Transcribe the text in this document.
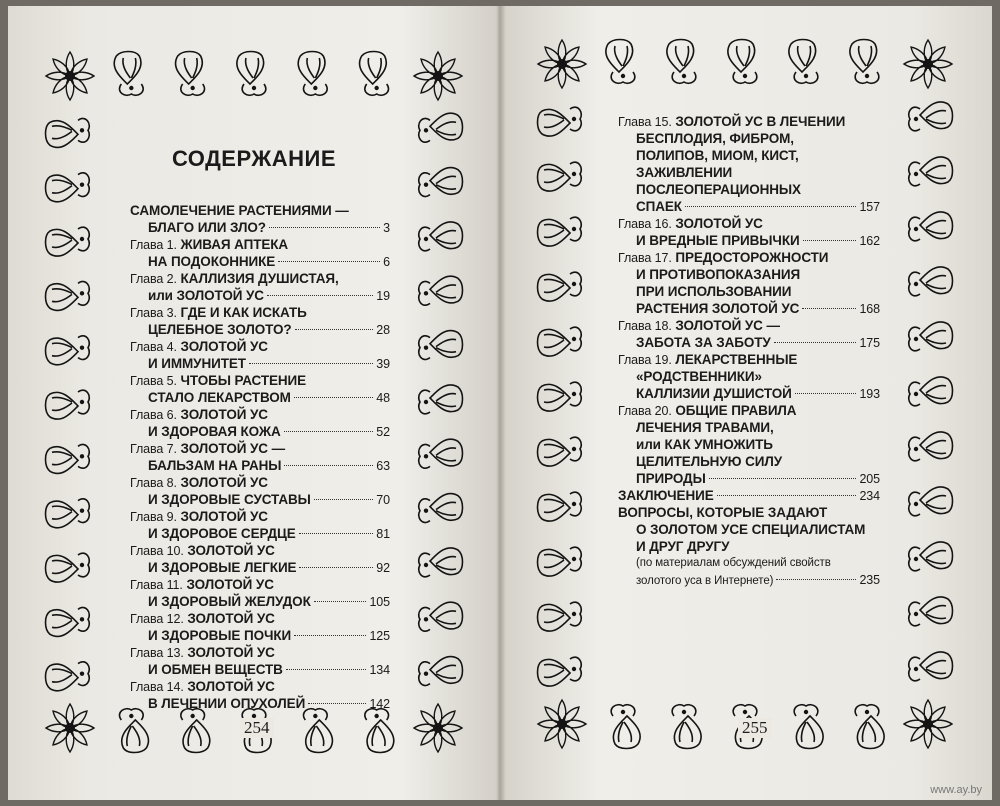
СОДЕРЖАНИЕ
САМОЛЕЧЕНИЕ РАСТЕНИЯМИ —
БЛАГО ИЛИ ЗЛО?	3
Глава 1. ЖИВАЯ АПТЕКА
НА ПОДОКОННИКЕ	6
Глава 2. КАЛЛИЗИЯ ДУШИСТАЯ,
или ЗОЛОТОЙ УС	19
Глава 3. ГДЕ И КАК ИСКАТЬ
ЦЕЛЕБНОЕ ЗОЛОТО?	28
Глава 4. ЗОЛОТОЙ УС
И ИММУНИТЕТ	39
Глава 5. ЧТОБЫ РАСТЕНИЕ
СТАЛО ЛЕКАРСТВОМ	48
Глава 6. ЗОЛОТОЙ УС
И ЗДОРОВАЯ КОЖА	52
Глава 7. ЗОЛОТОЙ УС —
БАЛЬЗАМ НА РАНЫ	63
Глава 8. ЗОЛОТОЙ УС
И ЗДОРОВЫЕ СУСТАВЫ	70
Глава 9. ЗОЛОТОЙ УС
И ЗДОРОВОЕ СЕРДЦЕ	81
Глава 10. ЗОЛОТОЙ УС
И ЗДОРОВЫЕ ЛЕГКИЕ	92
Глава 11. ЗОЛОТОЙ УС
И ЗДОРОВЫЙ ЖЕЛУДОК	105
Глава 12. ЗОЛОТОЙ УС
И ЗДОРОВЫЕ ПОЧКИ	125
Глава 13. ЗОЛОТОЙ УС
И ОБМЕН ВЕЩЕСТВ	134
Глава 14. ЗОЛОТОЙ УС
В ЛЕЧЕНИИ ОПУХОЛЕЙ	142
254
Глава 15. ЗОЛОТОЙ УС В ЛЕЧЕНИИ
БЕСПЛОДИЯ, ФИБРОМ,
ПОЛИПОВ, МИОМ, КИСТ,
ЗАЖИВЛЕНИИ
ПОСЛЕОПЕРАЦИОННЫХ
СПАЕК	157
Глава 16. ЗОЛОТОЙ УС
И ВРЕДНЫЕ ПРИВЫЧКИ	162
Глава 17. ПРЕДОСТОРОЖНОСТИ
И ПРОТИВОПОКАЗАНИЯ
ПРИ ИСПОЛЬЗОВАНИИ
РАСТЕНИЯ ЗОЛОТОЙ УС	168
Глава 18. ЗОЛОТОЙ УС —
ЗАБОТА ЗА ЗАБОТУ	175
Глава 19. ЛЕКАРСТВЕННЫЕ
«РОДСТВЕННИКИ»
КАЛЛИЗИИ ДУШИСТОЙ	193
Глава 20. ОБЩИЕ ПРАВИЛА
ЛЕЧЕНИЯ ТРАВАМИ,
или КАК УМНОЖИТЬ
ЦЕЛИТЕЛЬНУЮ СИЛУ
ПРИРОДЫ	205
ЗАКЛЮЧЕНИЕ	234
ВОПРОСЫ, КОТОРЫЕ ЗАДАЮТ
О ЗОЛОТОМ УСЕ СПЕЦИАЛИСТАМ
И ДРУГ ДРУГУ
(по материалам обсуждений свойств
золотого уса в Интернете)	235
255
www.ay.by
